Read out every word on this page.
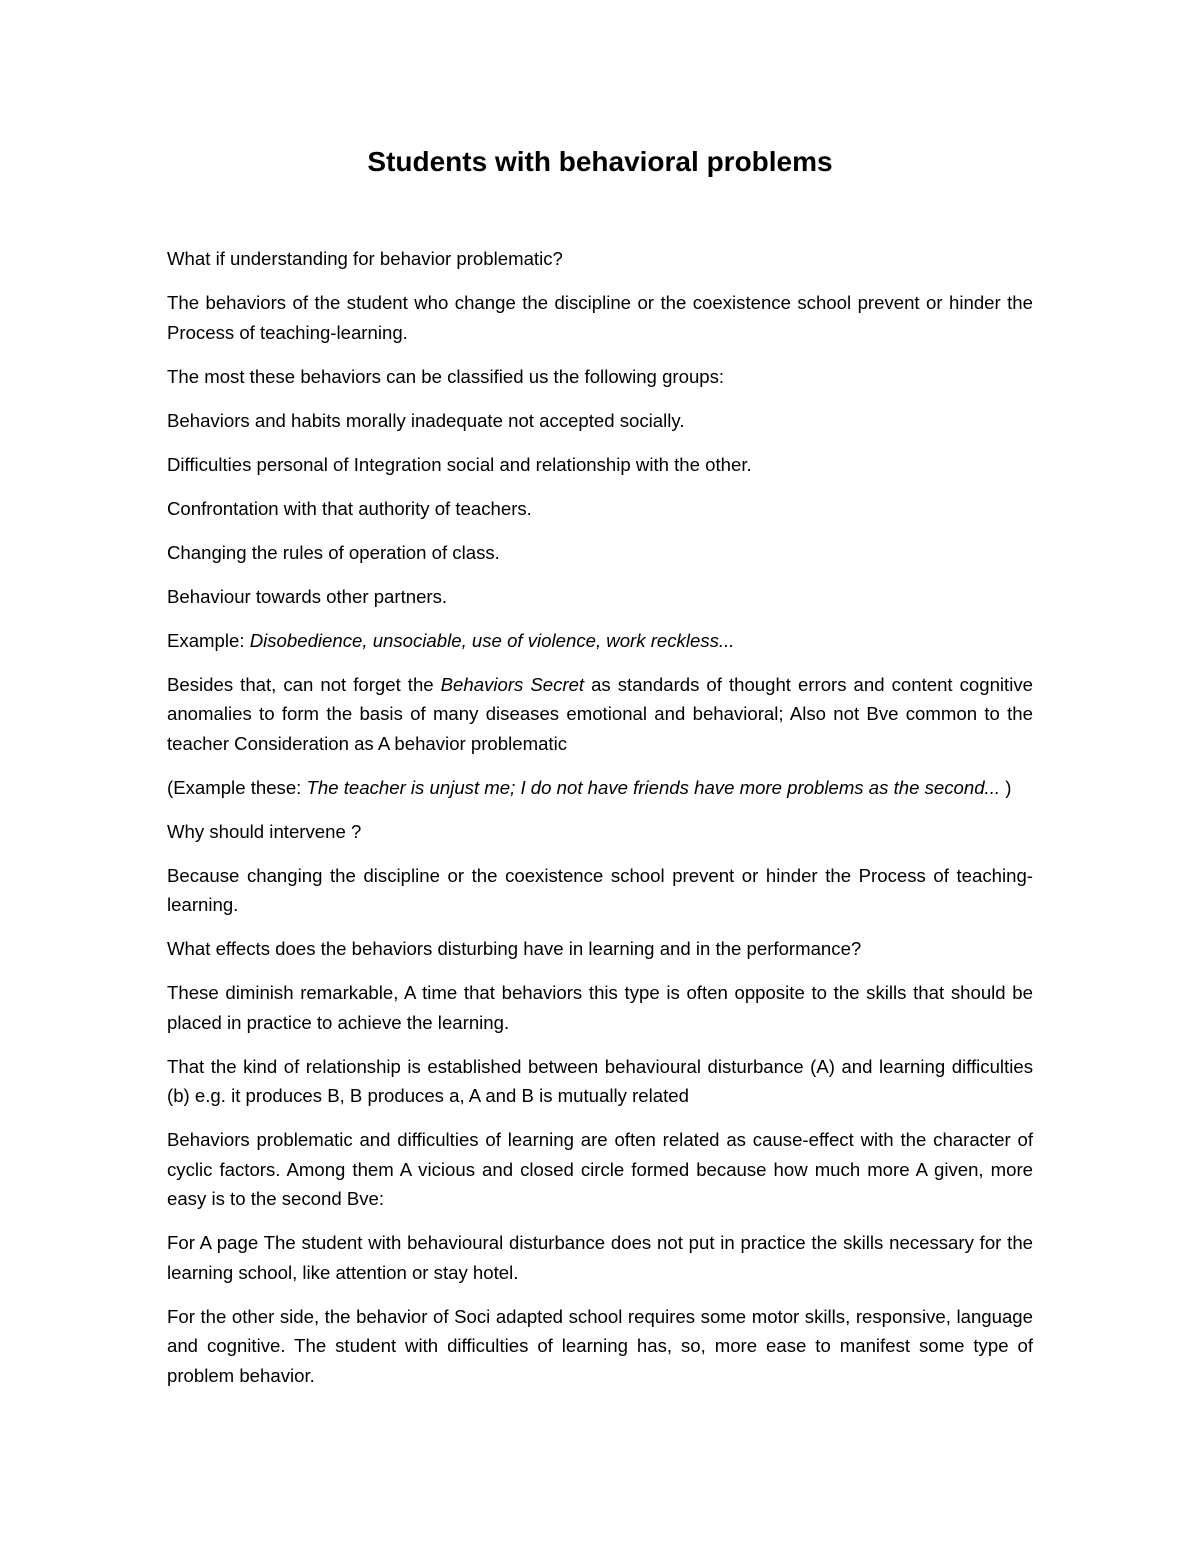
Students with behavioral problems

What if understanding for behavior problematic?

The behaviors of the student who change the discipline or the coexistence school prevent or hinder the Process of teaching-learning.

The most these behaviors can be classified us the following groups:

Behaviors and habits morally inadequate not accepted socially.

Difficulties personal of Integration social and relationship with the other.

Confrontation with that authority of teachers.

Changing the rules of operation of class.

Behaviour towards other partners.

Example: Disobedience, unsociable, use of violence, work reckless...

Besides that, can not forget the Behaviors Secret as standards of thought errors and content cognitive anomalies to form the basis of many diseases emotional and behavioral; Also not Bve common to the teacher Consideration as A behavior problematic

(Example these: The teacher is unjust me; I do not have friends have more problems as the second... )

Why should intervene ?

Because changing the discipline or the coexistence school prevent or hinder the Process of teaching-learning.

What effects does the behaviors disturbing have in learning and in the performance?

These diminish remarkable, A time that behaviors this type is often opposite to the skills that should be placed in practice to achieve the learning.

That the kind of relationship is established between behavioural disturbance (A) and learning difficulties (b) e.g. it produces B, B produces a, A and B is mutually related

Behaviors problematic and difficulties of learning are often related as cause-effect with the character of cyclic factors. Among them A vicious and closed circle formed because how much more A given, more easy is to the second Bve:

For A page The student with behavioural disturbance does not put in practice the skills necessary for the learning school, like attention or stay hotel.

For the other side, the behavior of Soci adapted school requires some motor skills, responsive, language and cognitive. The student with difficulties of learning has, so, more ease to manifest some type of problem behavior.
